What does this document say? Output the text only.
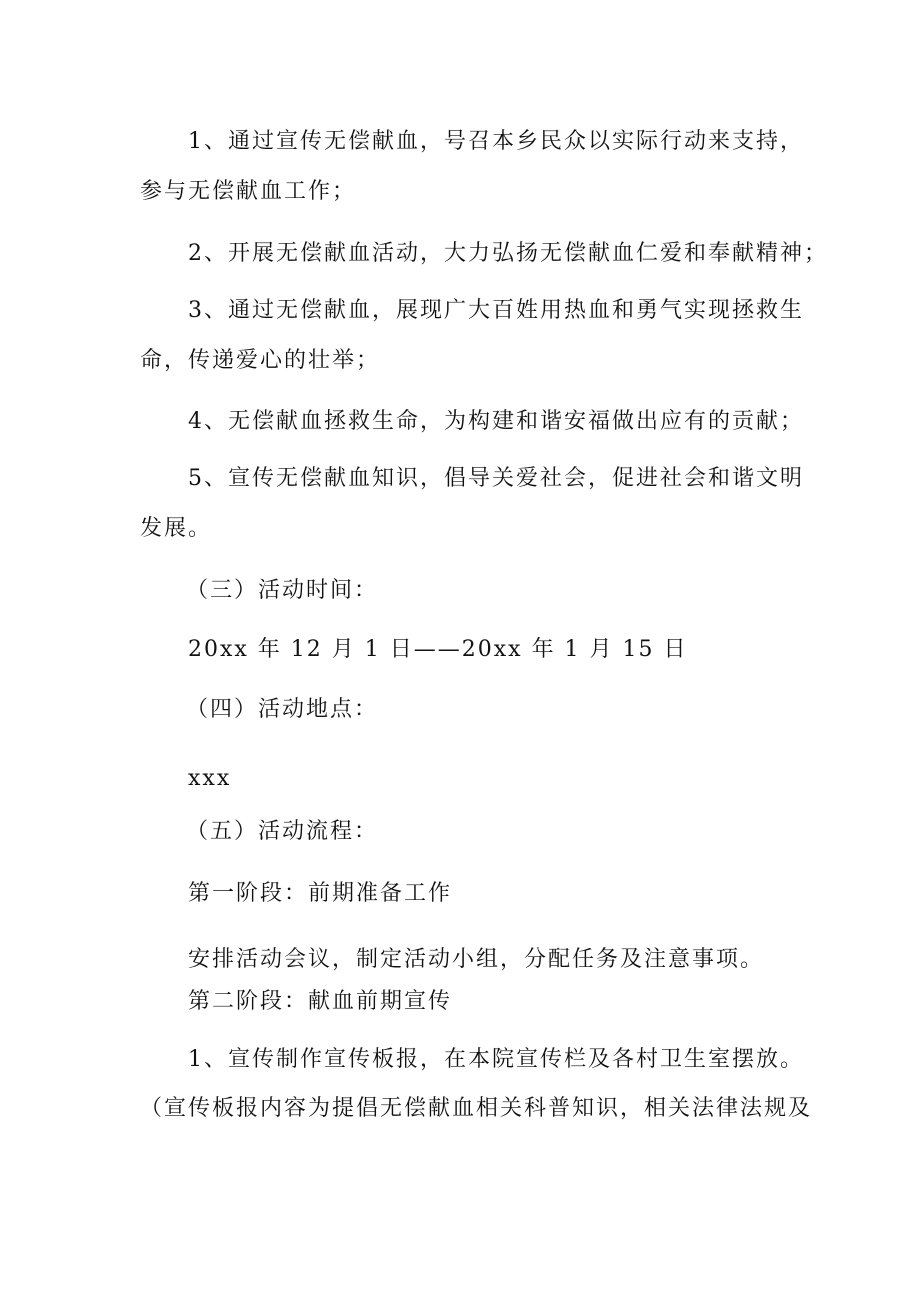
1、通过宣传无偿献血，号召本乡民众以实际行动来支持，
参与无偿献血工作；
2、开展无偿献血活动，大力弘扬无偿献血仁爱和奉献精神；
3、通过无偿献血，展现广大百姓用热血和勇气实现拯救生
命，传递爱心的壮举；
4、无偿献血拯救生命，为构建和谐安福做出应有的贡献；
5、宣传无偿献血知识，倡导关爱社会，促进社会和谐文明
发展。
（三）活动时间：
20xx 年 12 月 1 日——20xx 年 1 月 15 日
（四）活动地点：
xxx
（五）活动流程：
第一阶段：前期准备工作
安排活动会议，制定活动小组，分配任务及注意事项。
第二阶段：献血前期宣传
1、宣传制作宣传板报，在本院宣传栏及各村卫生室摆放。
（宣传板报内容为提倡无偿献血相关科普知识，相关法律法规及
